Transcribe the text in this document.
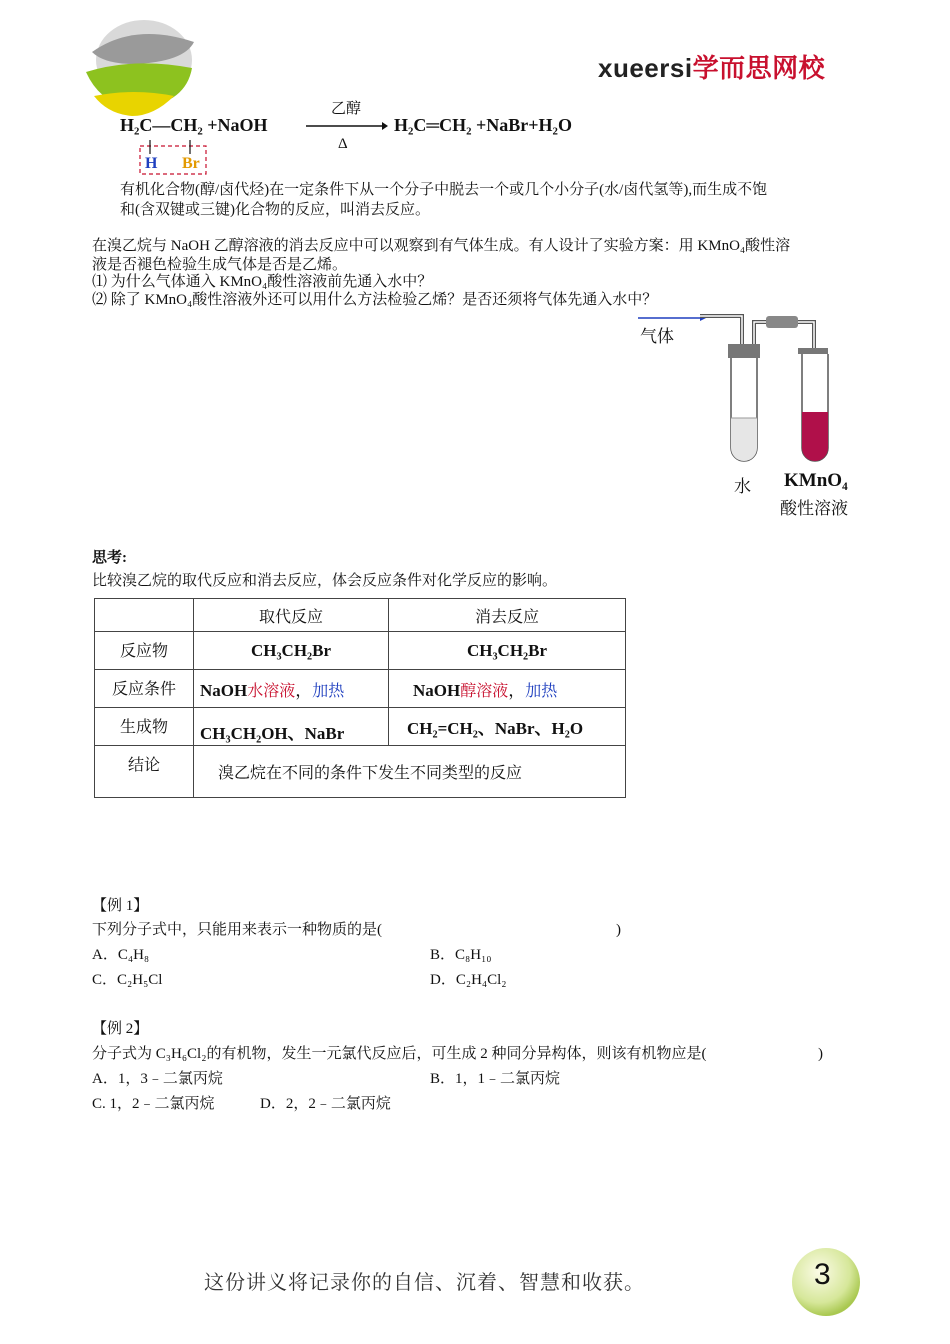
xueersi学而思网校
H₂C—CH₂ +NaOH
乙醇
Δ
H₂C═CH₂ +NaBr+H₂O
H Br
有机化合物(醇/卤代烃)在一定条件下从一个分子中脱去一个或几个小分子(水/卤代氢等),而生成不饱
和(含双键或三键)化合物的反应，叫消去反应。
在溴乙烷与 NaOH 乙醇溶液的消去反应中可以观察到有气体生成。有人设计了实验方案：用 KMnO₄酸性溶
液是否褪色检验生成气体是否是乙烯。
⑴ 为什么气体通入 KMnO₄酸性溶液前先通入水中？
⑵ 除了 KMnO₄酸性溶液外还可以用什么方法检验乙烯？是否还须将气体先通入水中？
气体
水 KMnO₄
酸性溶液
思考:
比较溴乙烷的取代反应和消去反应，体会反应条件对化学反应的影响。
	取代反应	消去反应
反应物	CH₃CH₂Br	CH₃CH₂Br
反应条件	NaOH水溶液，加热	NaOH醇溶液，加热
生成物	CH₃CH₂OH、NaBr	CH₂=CH₂、NaBr、H₂O
结论	溴乙烷在不同的条件下发生不同类型的反应	
【例 1】
下列分子式中，只能用来表示一种物质的是(	)
A．C₄H₈	B．C₈H₁₀
C．C₂H₅Cl	D．C₂H₄Cl₂
【例 2】
分子式为 C₃H₆Cl₂的有机物，发生一元氯代反应后，可生成 2 种同分异构体，则该有机物应是(	)
A．1，3﹣二氯丙烷	B．1，1﹣二氯丙烷
C. 1，2﹣二氯丙烷	D．2，2﹣二氯丙烷
这份讲义将记录你的自信、沉着、智慧和收获。	3
